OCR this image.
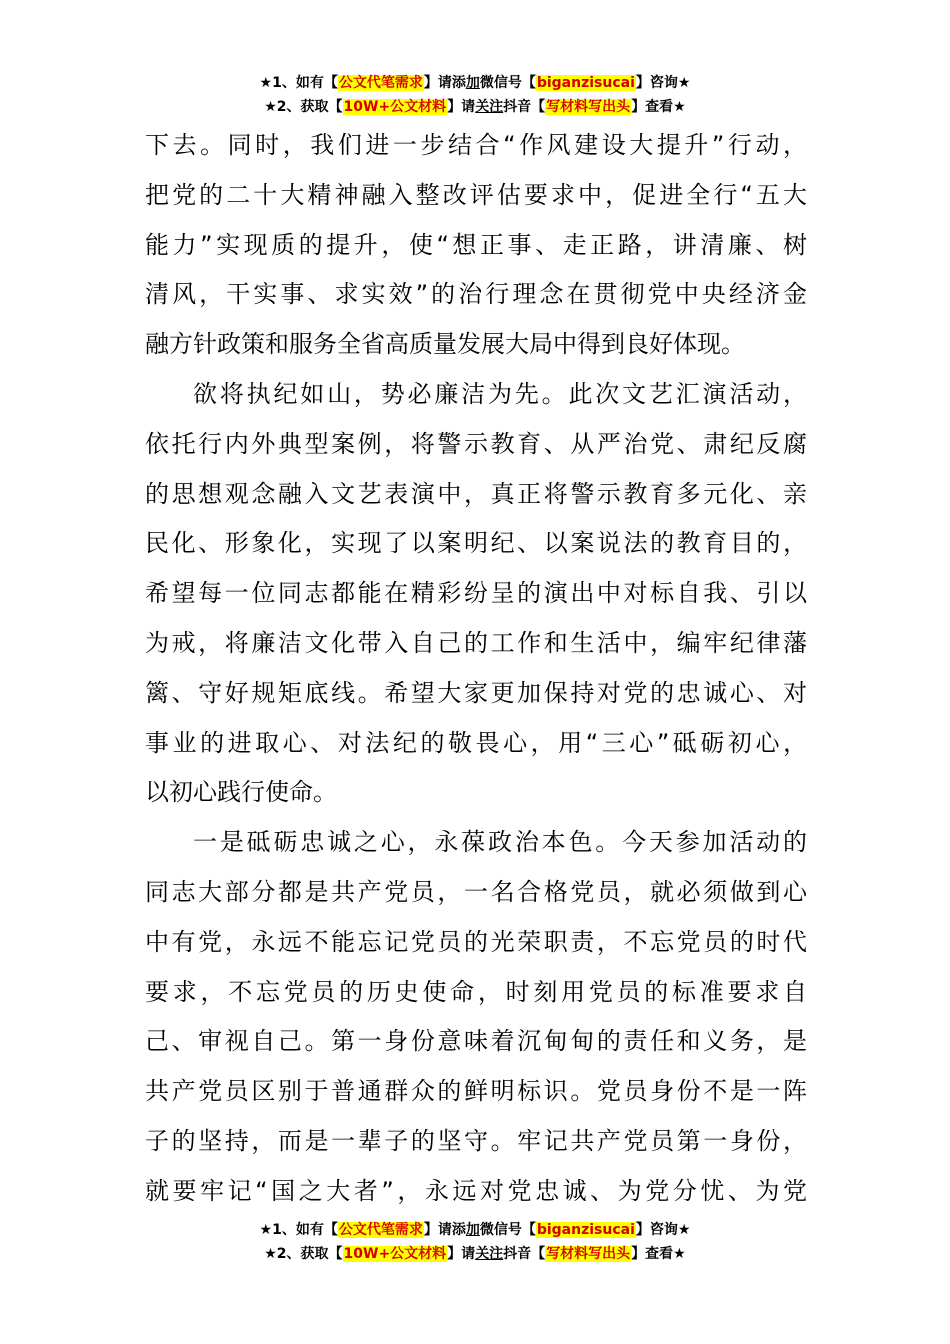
★1、如有【公文代笔需求】请添加微信号【biganzisucai】咨询★
★2、获取【10W+公文材料】请关注抖音【写材料写出头】查看★
下去。同时，我们进一步结合“作风建设大提升”行动，
把党的二十大精神融入整改评估要求中，促进全行“五大
能力”实现质的提升，使“想正事、走正路，讲清廉、树
清风，干实事、求实效”的治行理念在贯彻党中央经济金
融方针政策和服务全省高质量发展大局中得到良好体现。
欲将执纪如山，势必廉洁为先。此次文艺汇演活动，
依托行内外典型案例，将警示教育、从严治党、肃纪反腐
的思想观念融入文艺表演中，真正将警示教育多元化、亲
民化、形象化，实现了以案明纪、以案说法的教育目的，
希望每一位同志都能在精彩纷呈的演出中对标自我、引以
为戒，将廉洁文化带入自己的工作和生活中，编牢纪律藩
篱、守好规矩底线。希望大家更加保持对党的忠诚心、对
事业的进取心、对法纪的敬畏心，用“三心”砥砺初心，
以初心践行使命。
一是砥砺忠诚之心，永葆政治本色。今天参加活动的
同志大部分都是共产党员，一名合格党员，就必须做到心
中有党，永远不能忘记党员的光荣职责，不忘党员的时代
要求，不忘党员的历史使命，时刻用党员的标准要求自
己、审视自己。第一身份意味着沉甸甸的责任和义务，是
共产党员区别于普通群众的鲜明标识。党员身份不是一阵
子的坚持，而是一辈子的坚守。牢记共产党员第一身份，
就要牢记“国之大者”，永远对党忠诚、为党分忧、为党
★1、如有【公文代笔需求】请添加微信号【biganzisucai】咨询★
★2、获取【10W+公文材料】请关注抖音【写材料写出头】查看★
